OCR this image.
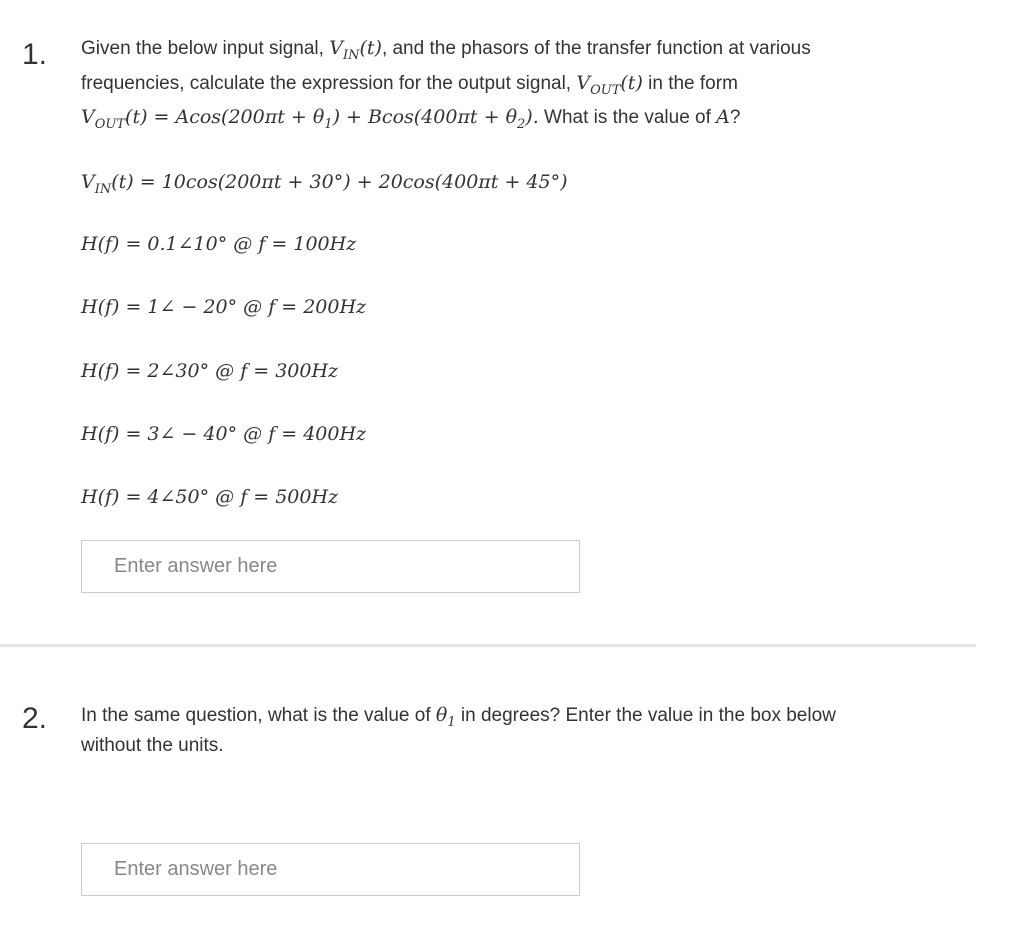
1. Given the below input signal, $V_{IN}(t)$, and the phasors of the transfer function at various
frequencies, calculate the expression for the output signal, $V_{OUT}(t)$ in the form
$V_{OUT}(t) = Acos(200\pi t + \theta_1) + Bcos(400\pi t + \theta_2)$. What is the value of A?
$V_{IN}(t) = 10\cos(200\pi t + 30^\circ) + 20\cos(400\pi t + 45^\circ)$
H(f) = 0.1∠10° @ f = 100Hz
H(f) = 1∠ − 20° @ f = 200Hz
H(f) = 2∠30° @ f = 300Hz
H(f) = 3∠ − 40° @ f = 400Hz
H(f) = 4∠50° @ f = 500Hz
Enter answer here
2. In the same question, what is the value of $\theta_1$ in degrees? Enter the value in the box below
without the units.
Enter answer here
